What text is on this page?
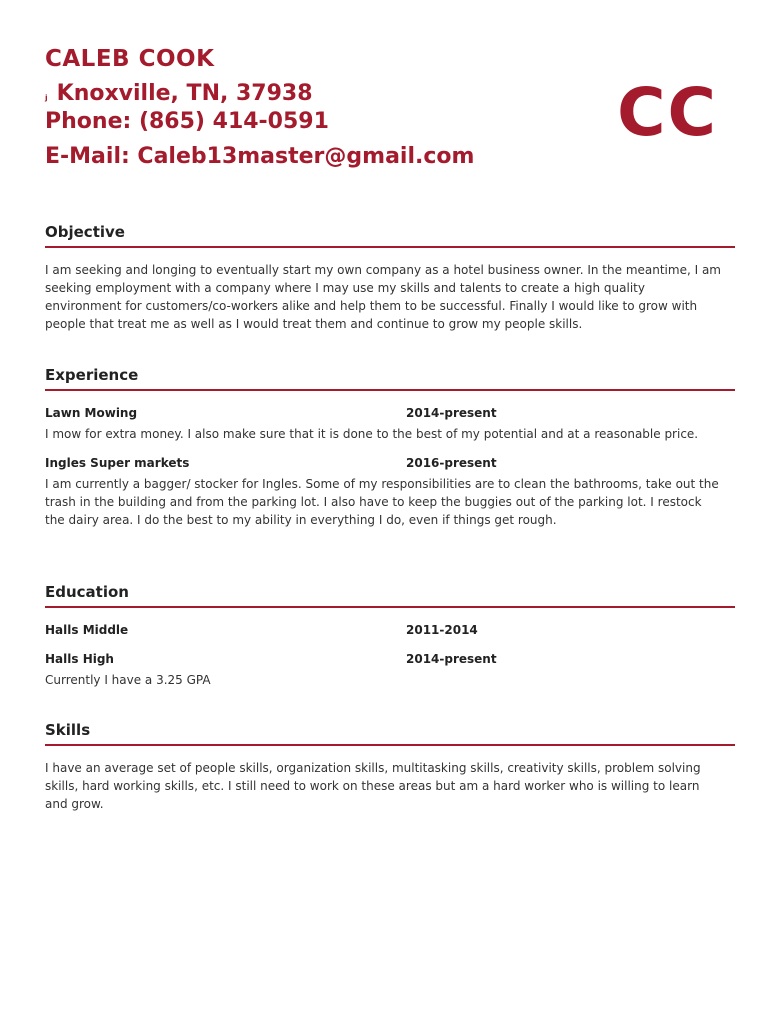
CALEB COOK

ⱼ Knoxville, TN, 37938

Phone: (865) 414-0591

E-Mail: Caleb13master@gmail.com

CC
Objective
I am seeking and longing to eventually start my own company as a hotel business owner. In the meantime, I am seeking employment with a company where I may use my skills and talents to create a high quality environment for customers/co-workers alike and help them to be successful. Finally I would like to grow with people that treat me as well as I would treat them and continue to grow my people skills.
Experience
Lawn Mowing	2014-present
I mow for extra money. I also make sure that it is done to the best of my potential and at a reasonable price.
Ingles Super markets	2016-present
I am currently a bagger/ stocker for Ingles. Some of my responsibilities are to clean the bathrooms, take out the trash in the building and from the parking lot. I also have to keep the buggies out of the parking lot. I restock the dairy area. I do the best to my ability in everything I do, even if things get rough.
Education
Halls Middle	2011-2014
Halls High	2014-present
Currently I have a 3.25 GPA
Skills
I have an average set of people skills, organization skills, multitasking skills, creativity skills, problem solving skills, hard working skills, etc. I still need to work on these areas but am a hard worker who is willing to learn and grow.
